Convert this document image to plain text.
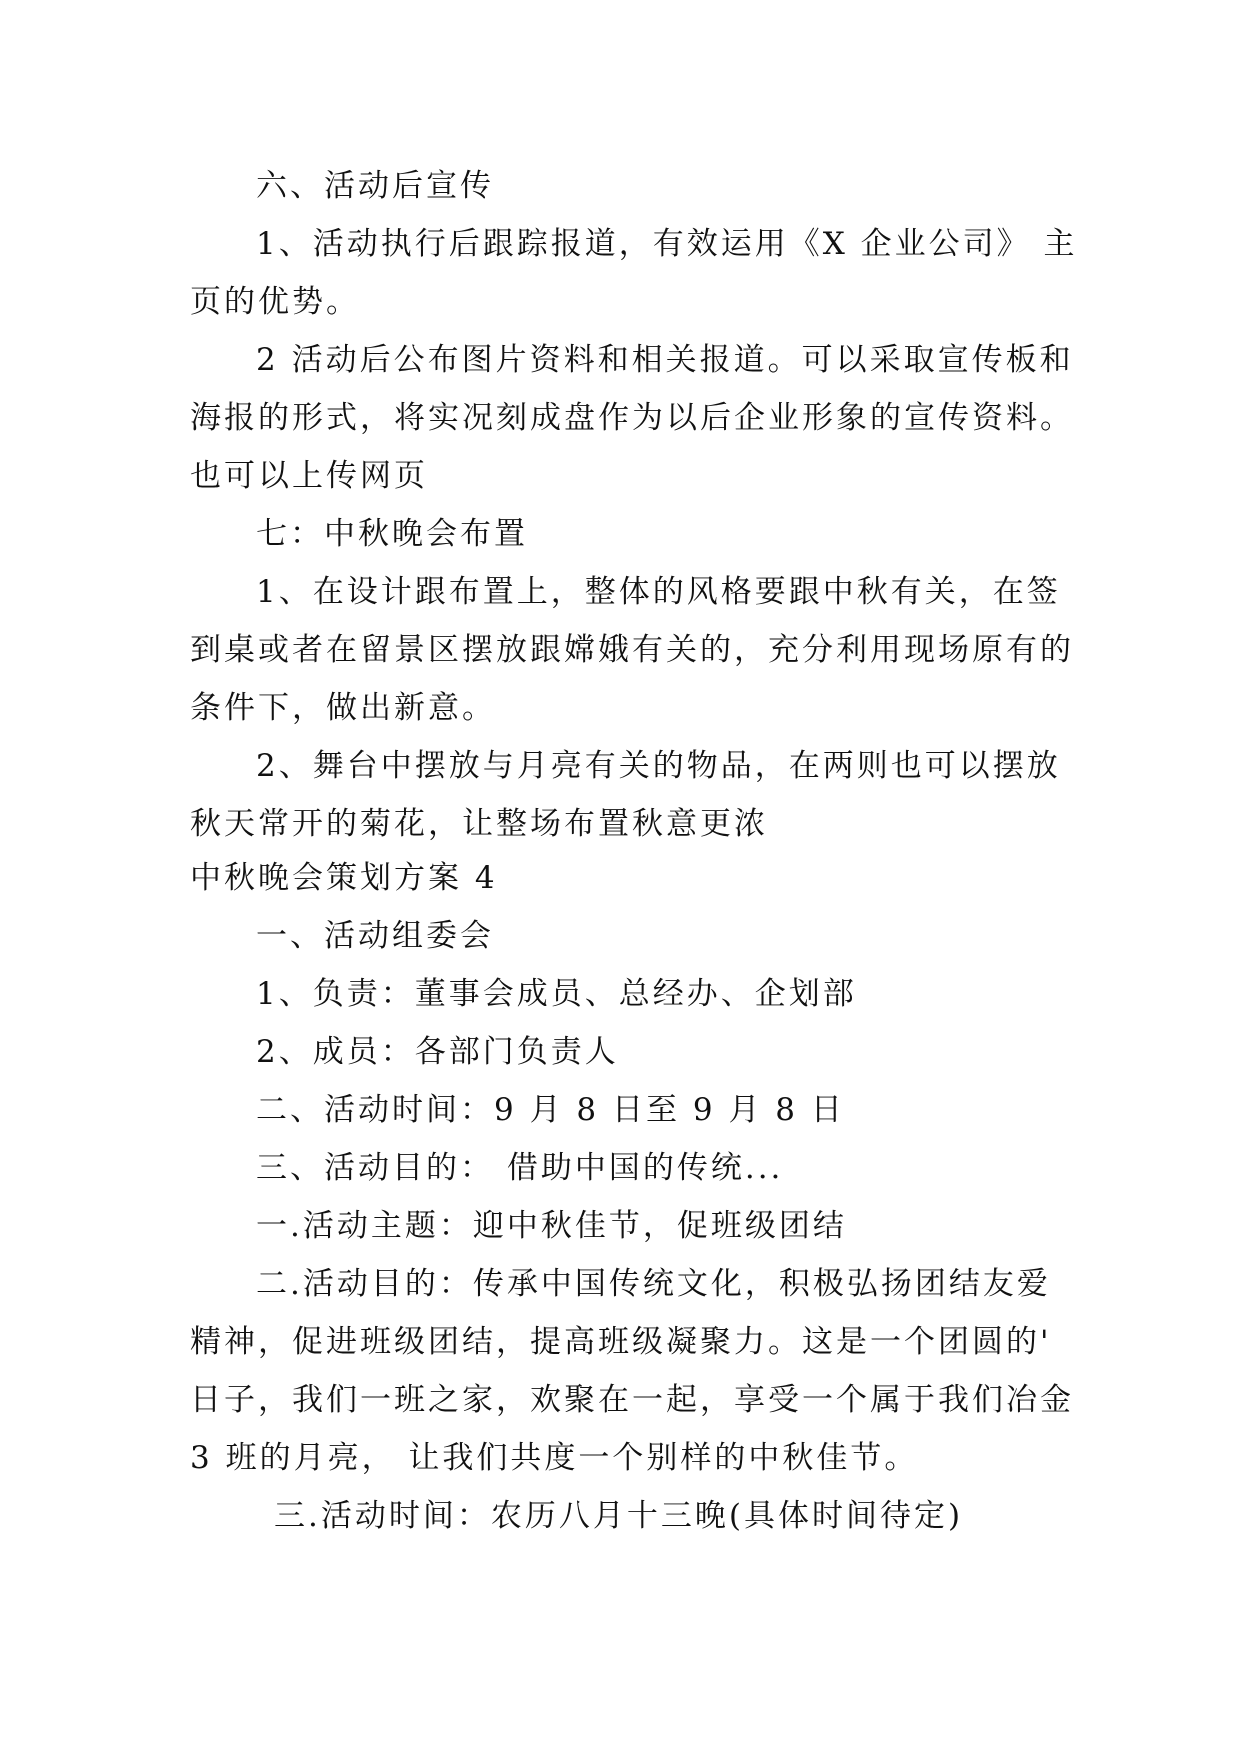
六、活动后宣传
1、活动执行后跟踪报道，有效运用《X 企业公司》 主
页的优势。
2 活动后公布图片资料和相关报道。可以采取宣传板和
海报的形式，将实况刻成盘作为以后企业形象的宣传资料。
也可以上传网页
七：中秋晚会布置
1、在设计跟布置上，整体的风格要跟中秋有关，在签
到桌或者在留景区摆放跟嫦娥有关的，充分利用现场原有的
条件下，做出新意。
2、舞台中摆放与月亮有关的物品，在两则也可以摆放
秋天常开的菊花，让整场布置秋意更浓
中秋晚会策划方案 4
一、活动组委会
1、负责：董事会成员、总经办、企划部
2、成员：各部门负责人
二、活动时间：9 月 8 日至 9 月 8 日
三、活动目的： 借助中国的传统...
一.活动主题：迎中秋佳节，促班级团结
二.活动目的：传承中国传统文化，积极弘扬团结友爱
精神，促进班级团结，提高班级凝聚力。这是一个团圆的'
日子，我们一班之家，欢聚在一起，享受一个属于我们冶金
3 班的月亮， 让我们共度一个别样的中秋佳节。
三.活动时间：农历八月十三晚(具体时间待定)
